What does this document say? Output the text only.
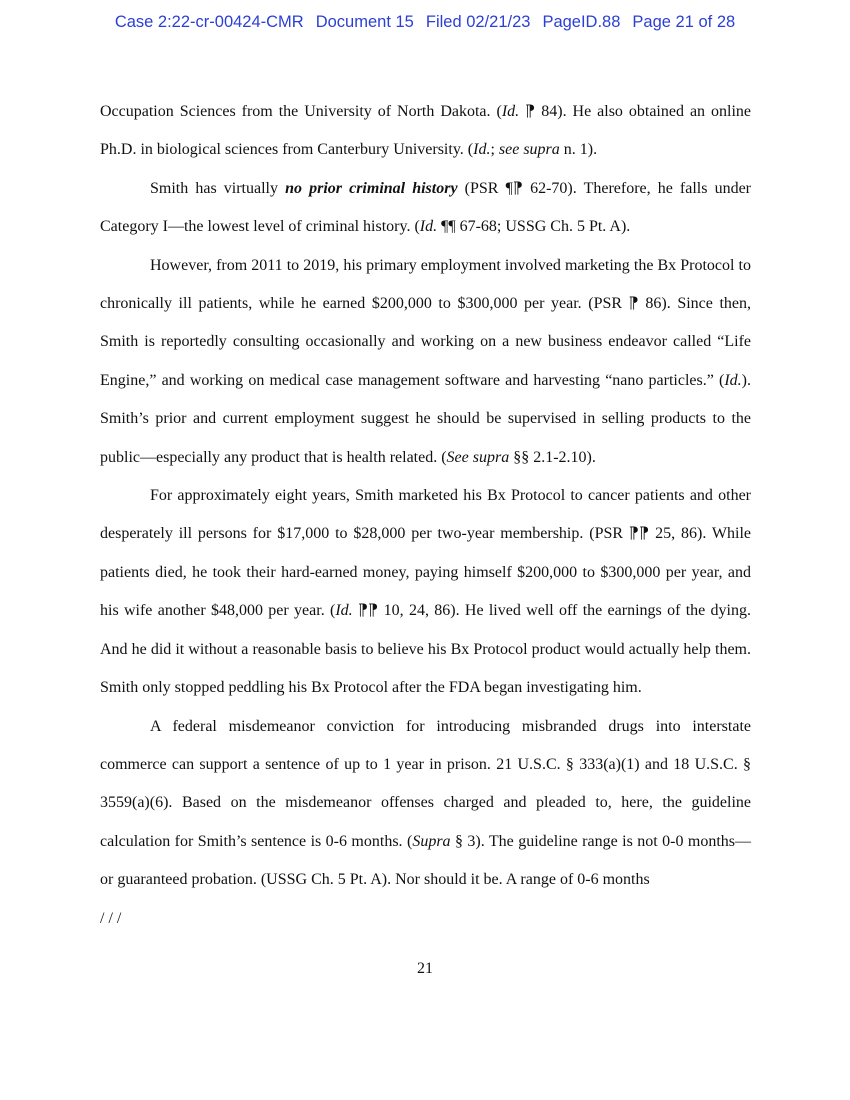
Case 2:22-cr-00424-CMR Document 15 Filed 02/21/23 PageID.88 Page 21 of 28

Occupation Sciences from the University of North Dakota. (Id. ⁋ 84). He also obtained an online Ph.D. in biological sciences from Canterbury University. (Id.; see supra n. 1).

Smith has virtually no prior criminal history (PSR ¶⁋ 62-70). Therefore, he falls under Category I—the lowest level of criminal history. (Id. ¶¶ 67-68; USSG Ch. 5 Pt. A).

However, from 2011 to 2019, his primary employment involved marketing the Bx Protocol to chronically ill patients, while he earned $200,000 to $300,000 per year. (PSR ⁋ 86). Since then, Smith is reportedly consulting occasionally and working on a new business endeavor called “Life Engine,” and working on medical case management software and harvesting “nano particles.” (Id.). Smith’s prior and current employment suggest he should be supervised in selling products to the public—especially any product that is health related. (See supra §§ 2.1-2.10).

For approximately eight years, Smith marketed his Bx Protocol to cancer patients and other desperately ill persons for $17,000 to $28,000 per two-year membership. (PSR ⁋⁋ 25, 86). While patients died, he took their hard-earned money, paying himself $200,000 to $300,000 per year, and his wife another $48,000 per year. (Id. ⁋⁋ 10, 24, 86). He lived well off the earnings of the dying. And he did it without a reasonable basis to believe his Bx Protocol product would actually help them. Smith only stopped peddling his Bx Protocol after the FDA began investigating him.

A federal misdemeanor conviction for introducing misbranded drugs into interstate commerce can support a sentence of up to 1 year in prison. 21 U.S.C. § 333(a)(1) and 18 U.S.C. § 3559(a)(6). Based on the misdemeanor offenses charged and pleaded to, here, the guideline calculation for Smith’s sentence is 0-6 months. (Supra § 3). The guideline range is not 0-0 months—or guaranteed probation. (USSG Ch. 5 Pt. A). Nor should it be. A range of 0-6 months

/ / /

21
